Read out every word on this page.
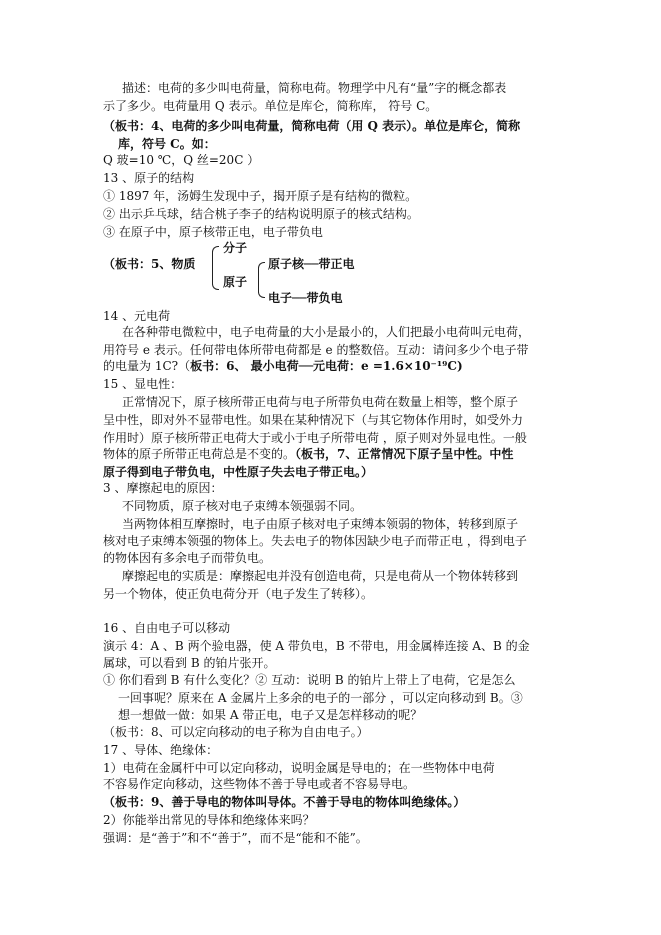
描述：电荷的多少叫电荷量，简称电荷。物理学中凡有“量”字的概念都表
示了多少。电荷量用 Q 表示。单位是库仑，简称库， 符号 C。
（板书：4、电荷的多少叫电荷量，简称电荷（用 Q 表示）。单位是库仑，简称
库，符号 C。如：
Q 玻=10 ℃，Q 丝=20C ）
13 、原子的结构
① 1897 年，汤姆生发现中子，揭开原子是有结构的微粒。
② 出示乒乓球，结合桃子李子的结构说明原子的核式结构。
③ 在原子中，原子核带正电，电子带负电
（板书：5、物质
分子
原子
原子核──带正电
电子──带负电
14 、元电荷
在各种带电微粒中，电子电荷量的大小是最小的，人们把最小电荷叫元电荷，
用符号 e 表示。任何带电体所带电荷都是 e 的整数倍。互动：请问多少个电子带
的电量为 1C?（板书：6、 最小电荷──元电荷：e =1.6×10⁻¹⁹C)
15 、显电性：
正常情况下，原子核所带正电荷与电子所带负电荷在数量上相等，整个原子
呈中性，即对外不显带电性。如果在某种情况下（与其它物体作用时，如受外力
作用时）原子核所带正电荷大于或小于电子所带电荷 ，原子则对外显电性。一般
物体的原子所带正电荷总是不变的。（板书，7、正常情况下原子呈中性。中性
原子得到电子带负电，中性原子失去电子带正电。）
3 、摩擦起电的原因：
不同物质，原子核对电子束缚本领强弱不同。
当两物体相互摩擦时，电子由原子核对电子束缚本领弱的物体，转移到原子
核对电子束缚本领强的物体上。失去电子的物体因缺少电子而带正电 ，得到电子
的物体因有多余电子而带负电。
摩擦起电的实质是：摩擦起电并没有创造电荷，只是电荷从一个物体转移到
另一个物体，使正负电荷分开（电子发生了转移）。
16 、自由电子可以移动
演示 4：A 、B 两个验电器，使 A 带负电，B 不带电，用金属棒连接 A、B 的金
属球，可以看到 B 的铂片张开。
① 你们看到 B 有什么变化？② 互动：说明 B 的铂片上带上了电荷，它是怎么
一回事呢？原来在 A 金属片上多余的电子的一部分 ，可以定向移动到 B。③
想一想做一做：如果 A 带正电，电子又是怎样移动的呢？
（板书：8、可以定向移动的电子称为自由电子。）
17 、导体、绝缘体：
1）电荷在金属杆中可以定向移动，说明金属是导电的；在一些物体中电荷
不容易作定向移动，这些物体不善于导电或者不容易导电。
（板书：9、善于导电的物体叫导体。不善于导电的物体叫绝缘体。）
2）你能举出常见的导体和绝缘体来吗？
强调：是“善于”和不“善于”，而不是“能和不能”。
